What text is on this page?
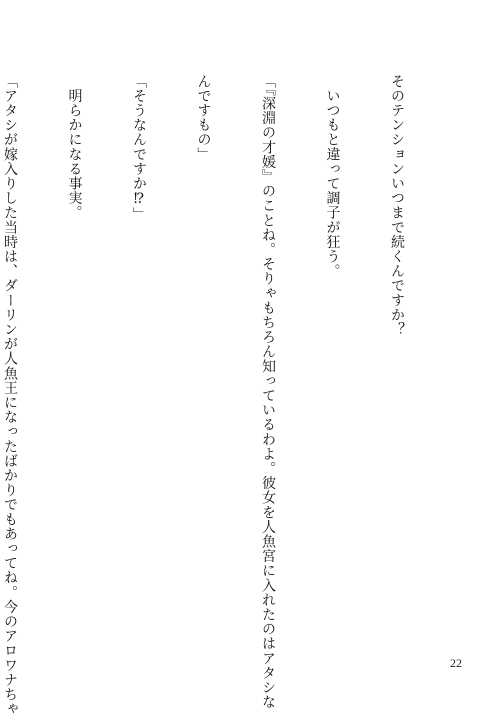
そのテンションいつまで続くんですか？

　いつもと違って調子が狂う。

「『深淵の才媛』のことね。そりゃもちろん知っているわよ。彼女を人魚宮に入れたのはアタシな

んですもの」

「そうなんですか⁉」

　明らかになる事実。

「アタシが嫁入りした当時は、ダーリンが人魚王になったばかりでもあってね。今のアロワナちゃ

	22
